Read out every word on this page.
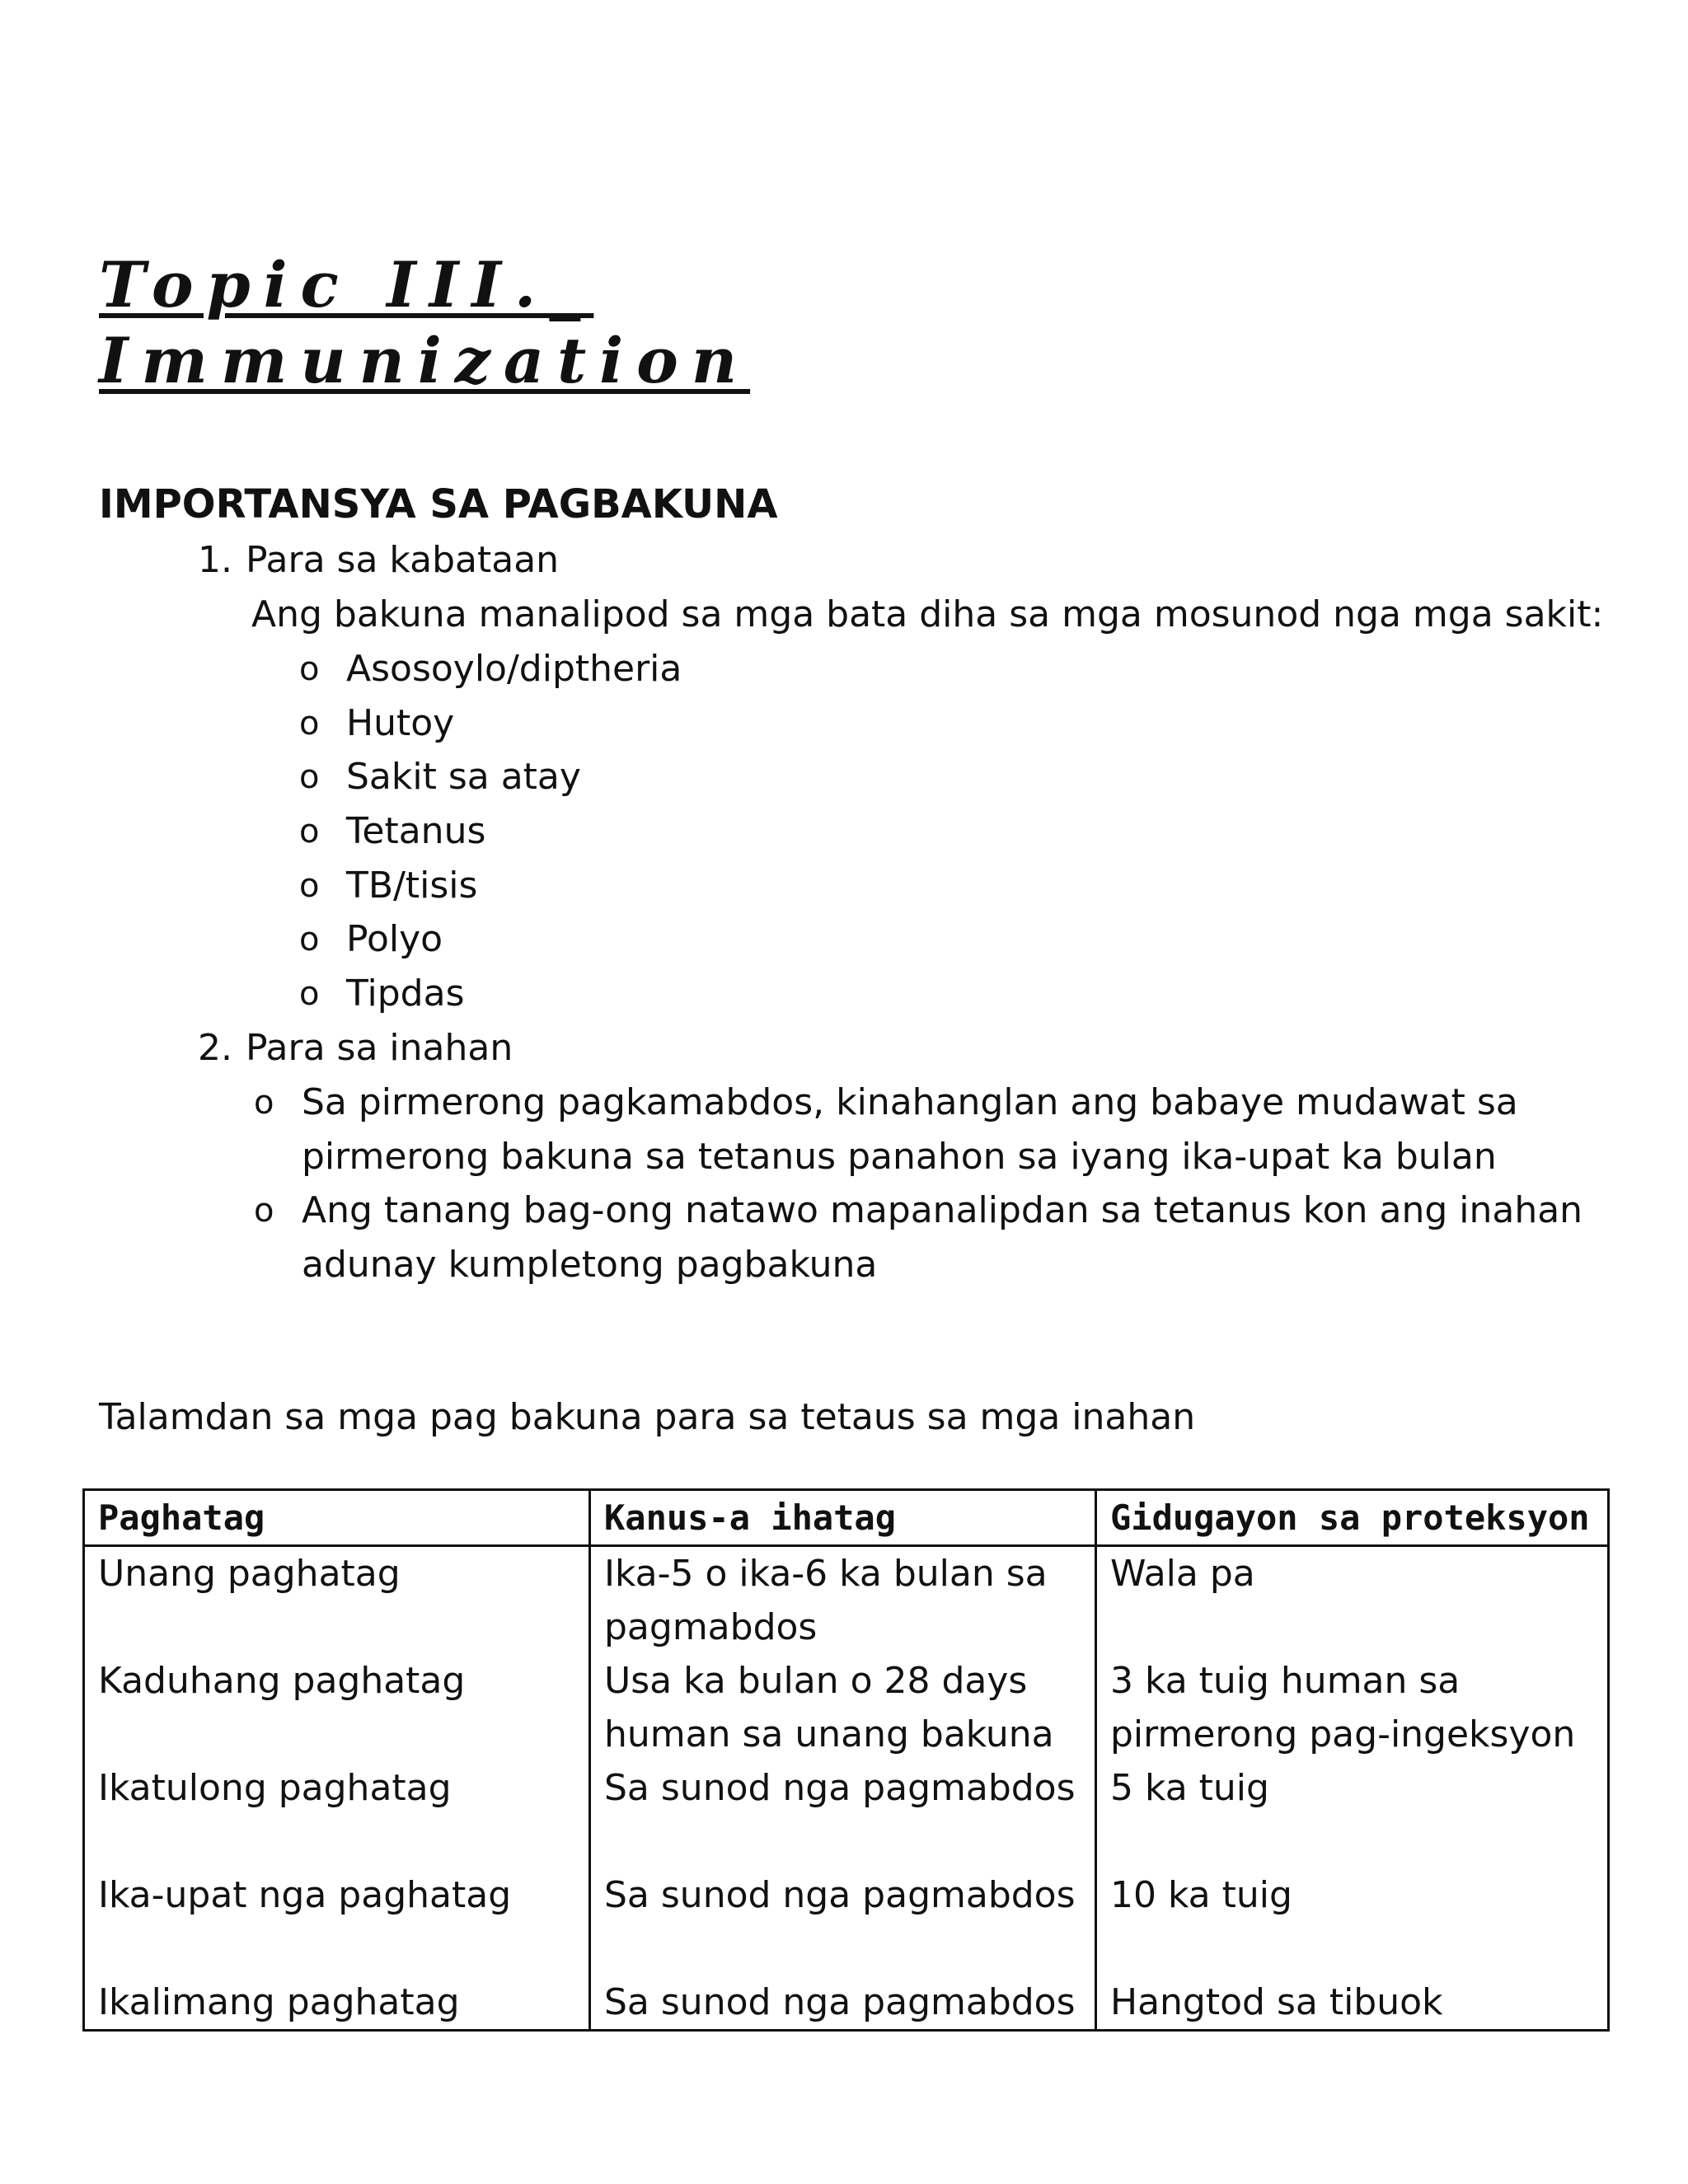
Topic III._ Immunization
IMPORTANSYA SA PAGBAKUNA
1. Para sa kabataan
Ang bakuna manalipod sa mga bata diha sa mga mosunod nga mga sakit:
o Asosoylo/diptheria
o Hutoy
o Sakit sa atay
o Tetanus
o TB/tisis
o Polyo
o Tipdas
2. Para sa inahan
o Sa pirmerong pagkamabdos, kinahanglan ang babaye mudawat sa
pirmerong bakuna sa tetanus panahon sa iyang ika-upat ka bulan
o Ang tanang bag-ong natawo mapanalipdan sa tetanus kon ang inahan
adunay kumpletong pagbakuna
Talamdan sa mga pag bakuna para sa tetaus sa mga inahan
Paghatag	Kanus-a ihatag	Gidugayon sa proteksyon
Unang paghatag	Ika-5 o ika-6 ka bulan sa pagmabdos	Wala pa
Kaduhang paghatag	Usa ka bulan o 28 days human sa unang bakuna	3 ka tuig human sa pirmerong pag-ingeksyon
Ikatulong paghatag	Sa sunod nga pagmabdos	5 ka tuig
Ika-upat nga paghatag	Sa sunod nga pagmabdos	10 ka tuig
Ikalimang paghatag	Sa sunod nga pagmabdos	Hangtod sa tibuok
